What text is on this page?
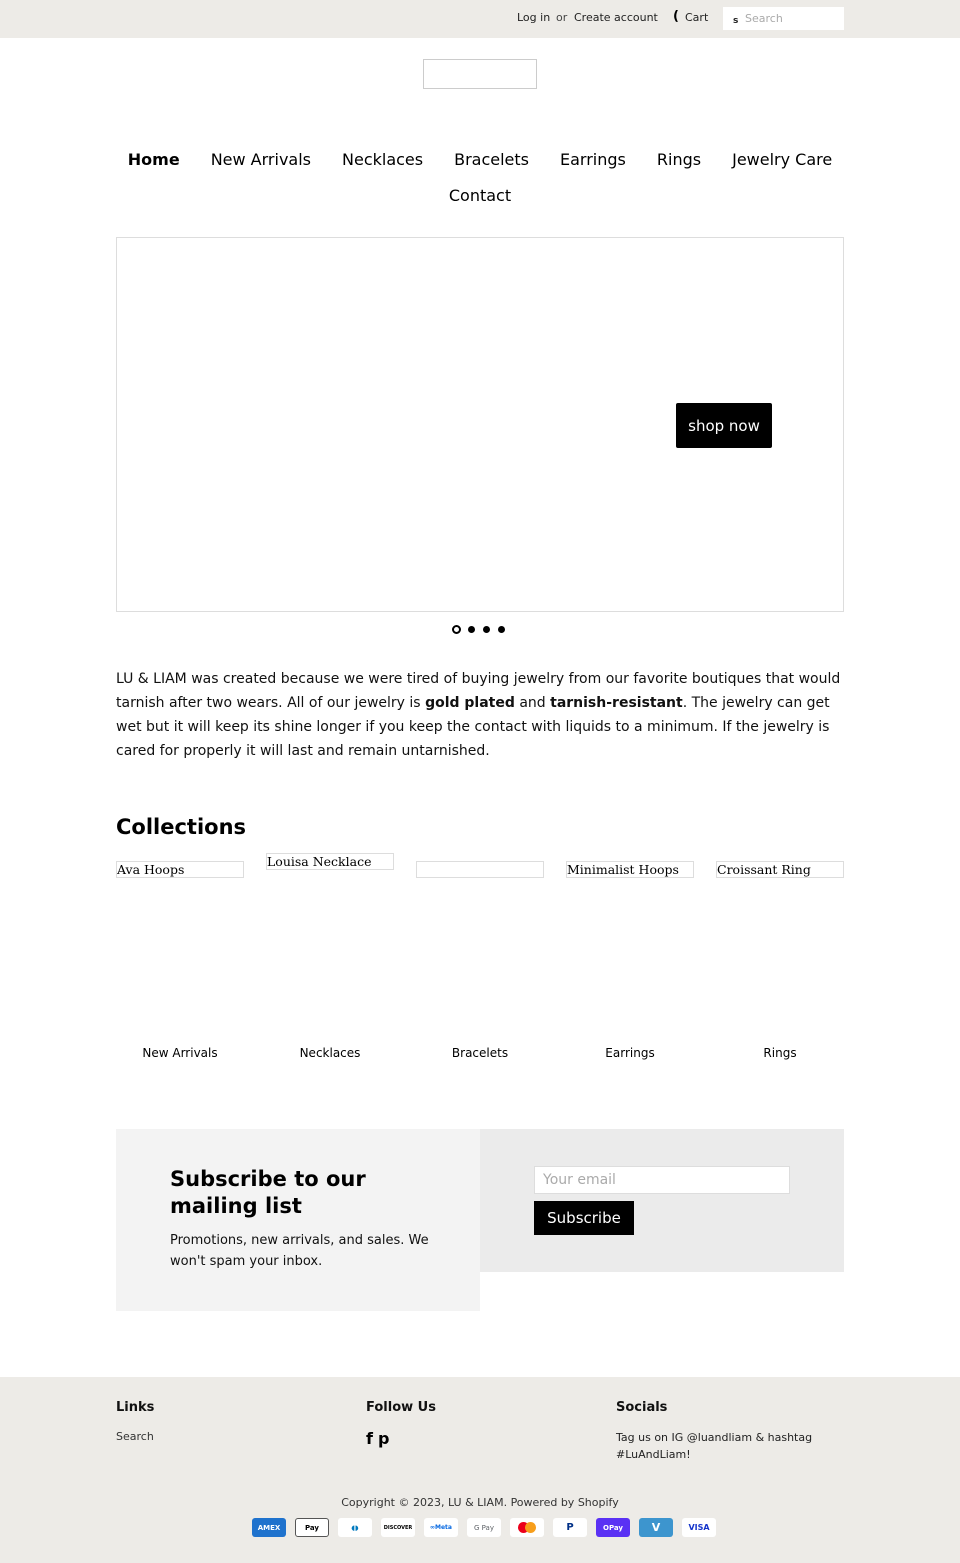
Log in or Create account ( Cart	s
Search
Home	New Arrivals	Necklaces	Bracelets	Earrings	Rings	Jewelry Care
Contact
shop now

LU & LIAM was created because we were tired of buying jewelry from our favorite boutiques that would tarnish after two wears. All of our jewelry is gold plated and tarnish-resistant. The jewelry can get wet but it will keep its shine longer if you keep the contact with liquids to a minimum. If the jewelry is cared for properly it will last and remain untarnished.

Collections
Ava Hoops
Louisa Necklace
Minimalist Hoops	Croissant Ring
New Arrivals	Necklaces	Bracelets	Earrings	Rings
Subscribe to our mailing list

Promotions, new arrivals, and sales. We won't spam your inbox.

Your email
Subscribe
Links
Search
Follow Us
f p
Socials

Tag us on IG @luandliam & hashtag #LuAndLiam!

Copyright © 2023, LU & LIAM. Powered by Shopify
AMEX	Pay	◖◗	DISCOVER	∞Meta	G Pay	P	OPay	V	VISA
